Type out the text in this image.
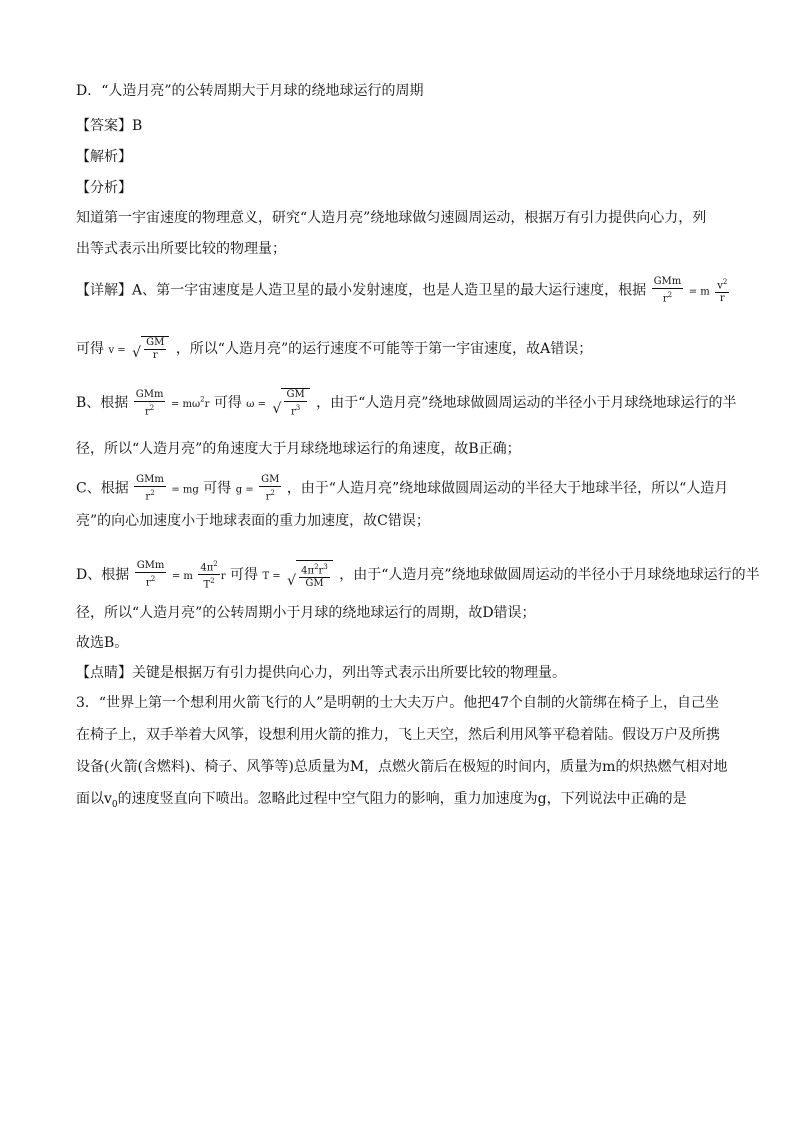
D．“人造月亮”的公转周期大于月球的绕地球运行的周期
【答案】B
【解析】
【分析】
知道第一宇宙速度的物理意义，研究“人造月亮”绕地球做匀速圆周运动，根据万有引力提供向心力，列
出等式表示出所要比较的物理量；
【详解】A、第一宇宙速度是人造卫星的最小发射速度，也是人造卫星的最大运行速度，根据 $\frac{\text{GMm}}{r^2} = m \frac{v^2}{r}$
可得 v = √ $\frac{GM}{r}$ ，所以“人造月亮”的运行速度不可能等于第一宇宙速度，故A错误；
B、根据 $\frac{\text{GMm}}{r^2} = m\omega^2r$ 可得 ω = √ $\frac{GM}{r^3}$ ，由于“人造月亮”绕地球做圆周运动的半径小于月球绕地球运行的半
径，所以“人造月亮”的角速度大于月球绕地球运行的角速度，故B正确；
C、根据 $\frac{\text{GMm}}{r^2}$ = mg 可得 $g = \frac{GM}{r^2}$ ，由于“人造月亮”绕地球做圆周运动的半径大于地球半径，所以“人造月
亮”的向心加速度小于地球表面的重力加速度，故C错误；
D、根据 $\frac{\text{GMm}}{r^2} = m \frac{4\pi^2}{T^2}$ r 可得 T = √ $\frac{4\pi^2r^3}{GM}$ ，由于“人造月亮”绕地球做圆周运动的半径小于月球绕地球运行的半
径，所以“人造月亮”的公转周期小于月球的绕地球运行的周期，故D错误；
故选B。
【点睛】关键是根据万有引力提供向心力，列出等式表示出所要比较的物理量。
3．“世界上第一个想利用火箭飞行的人”是明朝的士大夫万户。他把47个自制的火箭绑在椅子上，自己坐
在椅子上，双手举着大风筝，设想利用火箭的推力，飞上天空，然后利用风筝平稳着陆。假设万户及所携
设备(火箭(含燃料)、椅子、风筝等)总质量为M，点燃火箭后在极短的时间内，质量为m的炽热燃气相对地
面以$v_0$的速度竖直向下喷出。忽略此过程中空气阻力的影响，重力加速度为g，下列说法中正确的是
